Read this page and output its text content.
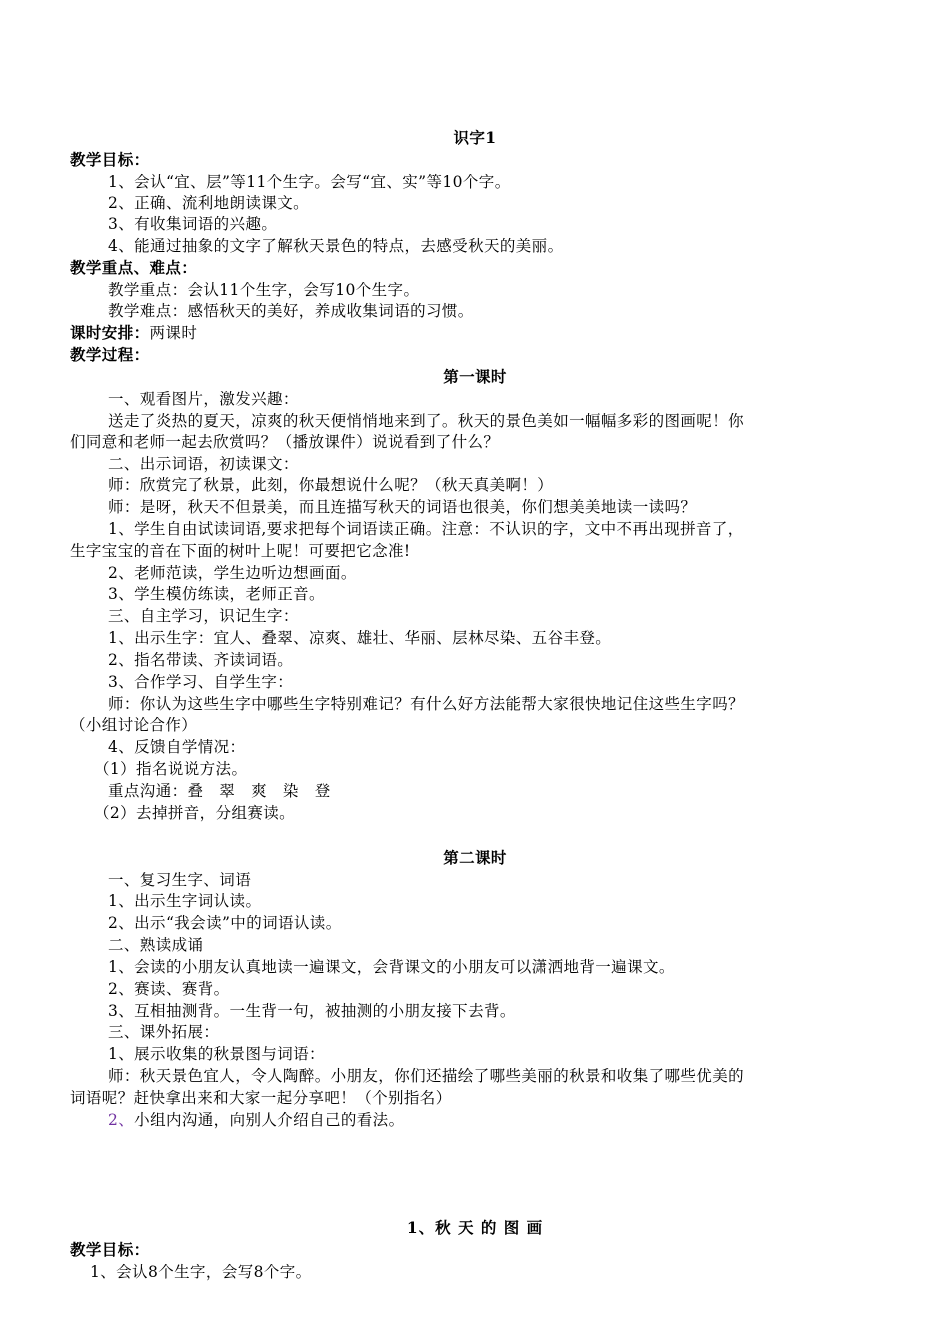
识字1
教学目标：
1、会认“宜、层”等11个生字。会写“宜、实”等10个字。
2、正确、流利地朗读课文。
3、有收集词语的兴趣。
4、能通过抽象的文字了解秋天景色的特点，去感受秋天的美丽。
教学重点、难点：
教学重点：会认11个生字，会写10个生字。
教学难点：感悟秋天的美好，养成收集词语的习惯。
课时安排：两课时
教学过程：
第一课时
一、观看图片，激发兴趣：
送走了炎热的夏天，凉爽的秋天便悄悄地来到了。秋天的景色美如一幅幅多彩的图画呢！你
们同意和老师一起去欣赏吗？（播放课件）说说看到了什么？
二、出示词语，初读课文：
师：欣赏完了秋景，此刻，你最想说什么呢？（秋天真美啊！）
师：是呀，秋天不但景美，而且连描写秋天的词语也很美，你们想美美地读一读吗？
1、学生自由试读词语,要求把每个词语读正确。注意：不认识的字，文中不再出现拼音了，
生字宝宝的音在下面的树叶上呢！可要把它念准!
2、老师范读，学生边听边想画面。
3、学生模仿练读，老师正音。
三、自主学习，识记生字：
1、出示生字：宜人、叠翠、凉爽、雄壮、华丽、层林尽染、五谷丰登。
2、指名带读、齐读词语。
3、合作学习、自学生字：
师：你认为这些生字中哪些生字特别难记？有什么好方法能帮大家很快地记住这些生字吗？
（小组讨论合作）
4、反馈自学情况：
（1）指名说说方法。
重点沟通：叠　翠　爽　染　登
（2）去掉拼音，分组赛读。
第二课时
一、复习生字、词语
1、出示生字词认读。
2、出示“我会读”中的词语认读。
二、熟读成诵
1、会读的小朋友认真地读一遍课文，会背课文的小朋友可以潇洒地背一遍课文。
2、赛读、赛背。
3、互相抽测背。一生背一句，被抽测的小朋友接下去背。
三、课外拓展：
1、展示收集的秋景图与词语：
师：秋天景色宜人，令人陶醉。小朋友，你们还描绘了哪些美丽的秋景和收集了哪些优美的
词语呢？赶快拿出来和大家一起分享吧！（个别指名）
2、小组内沟通，向别人介绍自己的看法。
1、秋 天 的 图 画
教学目标：
1、会认8个生字，会写8个字。
